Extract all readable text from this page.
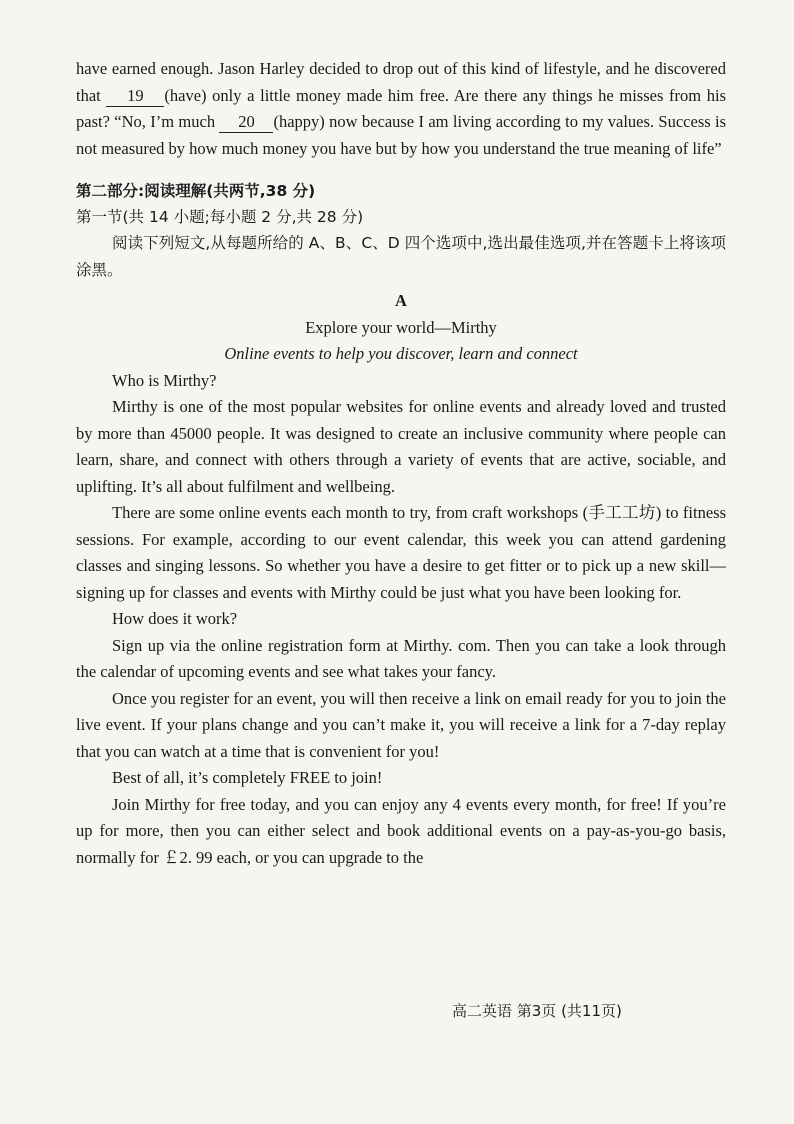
have earned enough. Jason Harley decided to drop out of this kind of lifestyle, and he discovered that 19 (have) only a little money made him free. Are there any things he misses from his past? “No, I’m much 20 (happy) now because I am living according to my values. Success is not measured by how much money you have but by how you understand the true meaning of life”

第二部分:阅读理解(共两节,38 分)
第一节(共 14 小题;每小题 2 分,共 28 分)

阅读下列短文,从每题所给的 A、B、C、D 四个选项中,选出最佳选项,并在答题卡上将该项涂黑。

A
Explore your world—Mirthy
Online events to help you discover, learn and connect

Who is Mirthy?

Mirthy is one of the most popular websites for online events and already loved and trusted by more than 45000 people. It was designed to create an inclusive community where people can learn, share, and connect with others through a variety of events that are active, sociable, and uplifting. It’s all about fulfilment and wellbeing.

There are some online events each month to try, from craft workshops (手工工坊) to fitness sessions. For example, according to our event calendar, this week you can attend gardening classes and singing lessons. So whether you have a desire to get fitter or to pick up a new skill—signing up for classes and events with Mirthy could be just what you have been looking for.

How does it work?

Sign up via the online registration form at Mirthy. com. Then you can take a look through the calendar of upcoming events and see what takes your fancy.

Once you register for an event, you will then receive a link on email ready for you to join the live event. If your plans change and you can’t make it, you will receive a link for a 7-day replay that you can watch at a time that is convenient for you!

Best of all, it’s completely FREE to join!

Join Mirthy for free today, and you can enjoy any 4 events every month, for free! If you’re up for more, then you can either select and book additional events on a pay-as-you-go basis, normally for ￡2. 99 each, or you can upgrade to the

高二英语 第3页 (共11页)
